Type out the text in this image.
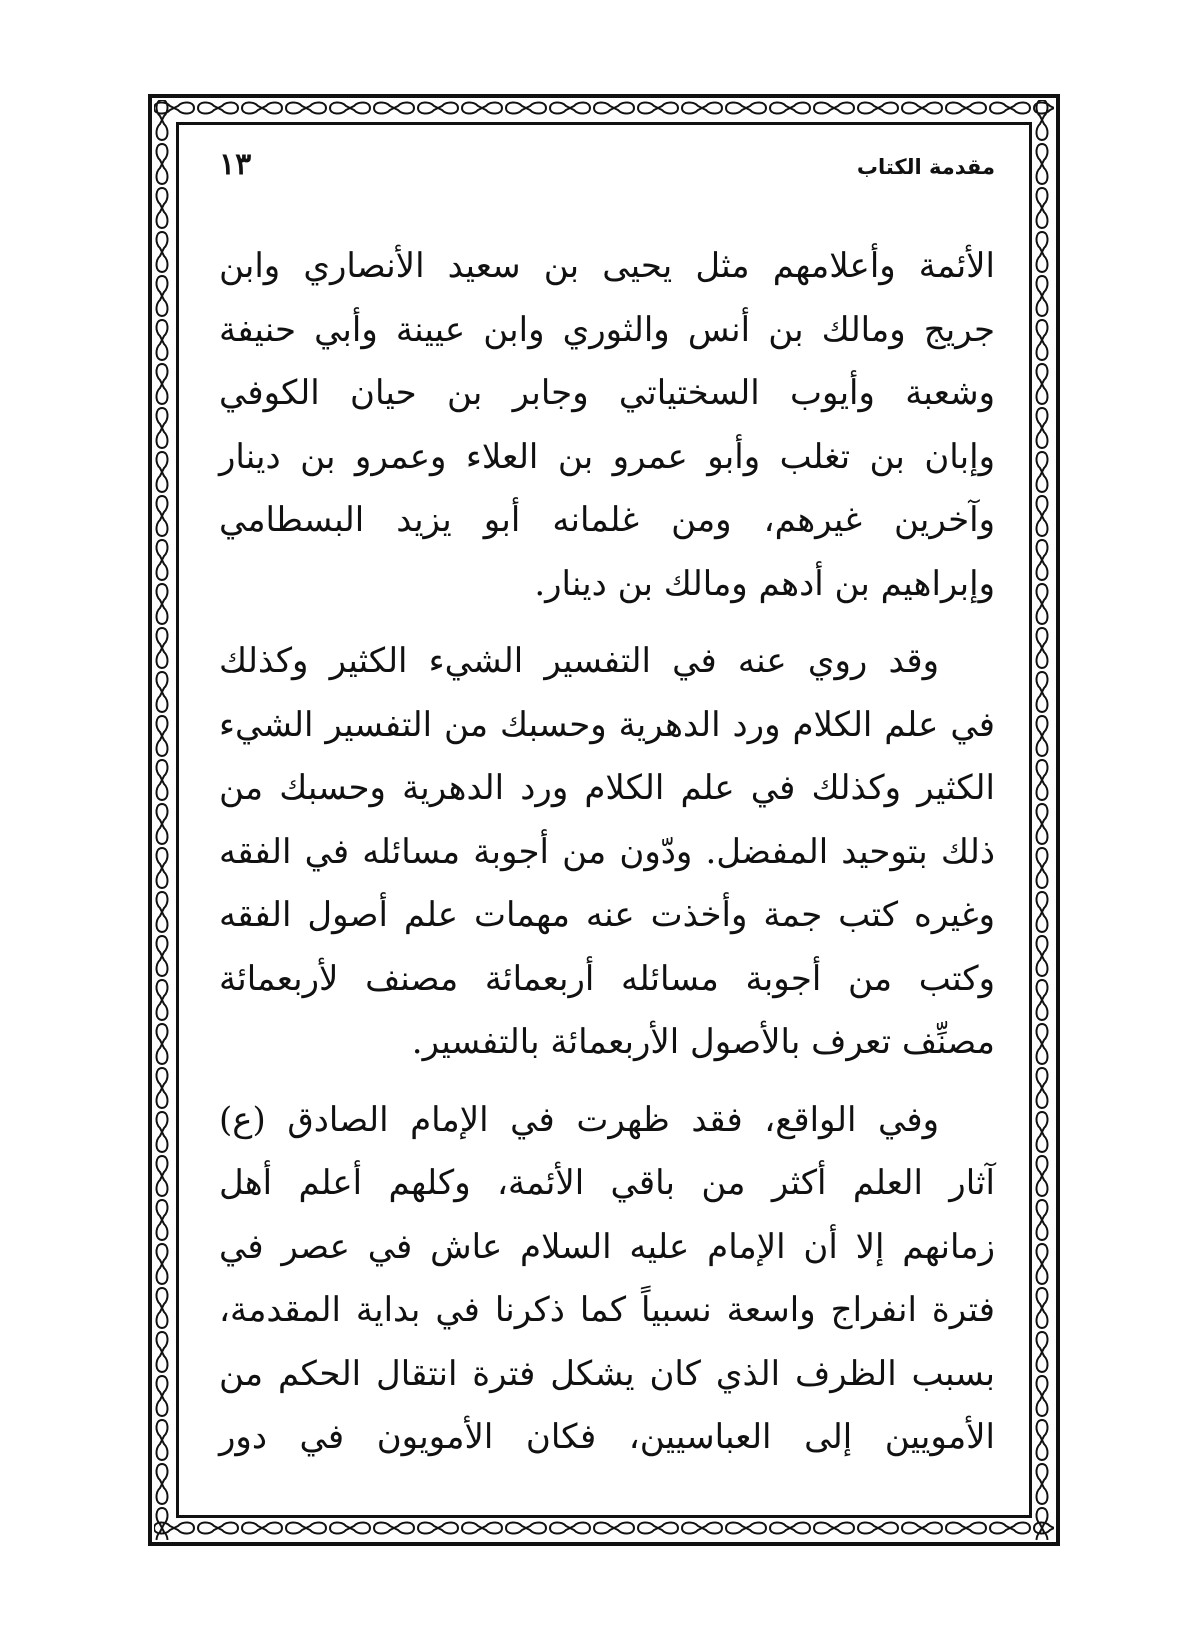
١٣	مقدمة الكتاب

الأئمة وأعلامهم مثل يحيى بن سعيد الأنصاري وابن
جريج ومالك بن أنس والثوري وابن عيينة وأبي حنيفة
وشعبة وأيوب السختياتي وجابر بن حيان الكوفي
وإبان بن تغلب وأبو عمرو بن العلاء وعمرو بن دينار
وآخرين غيرهم، ومن غلمانه أبو يزيد البسطامي
وإبراهيم بن أدهم ومالك بن دينار.

وقد روي عنه في التفسير الشيء الكثير وكذلك
في علم الكلام ورد الدهرية وحسبك من التفسير الشيء
الكثير وكذلك في علم الكلام ورد الدهرية وحسبك من
ذلك بتوحيد المفضل. ودّون من أجوبة مسائله في الفقه
وغيره كتب جمة وأخذت عنه مهمات علم أصول الفقه
وكتب من أجوبة مسائله أربعمائة مصنف لأربعمائة
مصنِّف تعرف بالأصول الأربعمائة بالتفسير.

وفي الواقع، فقد ظهرت في الإمام الصادق (ع)
آثار العلم أكثر من باقي الأئمة، وكلهم أعلم أهل
زمانهم إلا أن الإمام عليه السلام عاش في عصر في
فترة انفراج واسعة نسبياً كما ذكرنا في بداية المقدمة،
بسبب الظرف الذي كان يشكل فترة انتقال الحكم من
الأمويين إلى العباسيين، فكان الأمويون في دور
